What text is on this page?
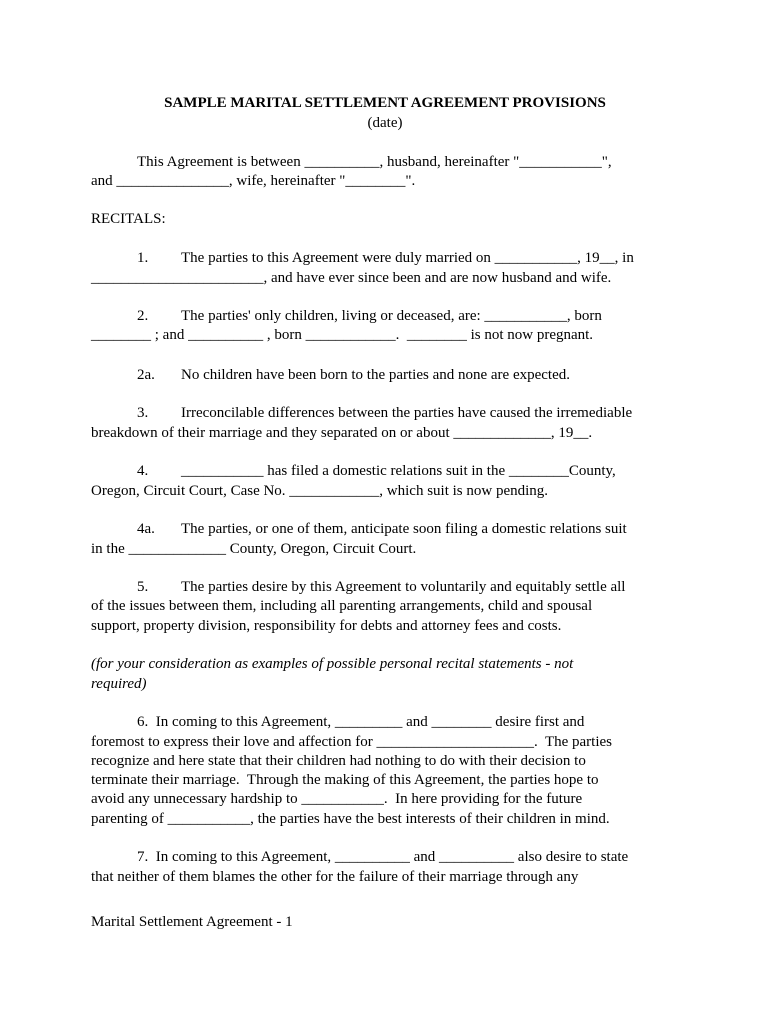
SAMPLE MARITAL SETTLEMENT AGREEMENT PROVISIONS
(date)
This Agreement is between __________, husband, hereinafter "___________",
and _______________, wife, hereinafter "________".
RECITALS:
1. The parties to this Agreement were duly married on ___________, 19__, in
_______________________, and have ever since been and are now husband and wife.
2. The parties' only children, living or deceased, are: ___________, born
________ ; and __________ , born ____________.  ________ is not now pregnant.
2a. No children have been born to the parties and none are expected.
3. Irreconcilable differences between the parties have caused the irremediable
breakdown of their marriage and they separated on or about _____________, 19__.
4. ___________ has filed a domestic relations suit in the ________County,
Oregon, Circuit Court, Case No. ____________, which suit is now pending.
4a. The parties, or one of them, anticipate soon filing a domestic relations suit
in the _____________ County, Oregon, Circuit Court.
5. The parties desire by this Agreement to voluntarily and equitably settle all
of the issues between them, including all parenting arrangements, child and spousal
support, property division, responsibility for debts and attorney fees and costs.
(for your consideration as examples of possible personal recital statements - not
required)
6.  In coming to this Agreement, _________ and ________ desire first and
foremost to express their love and affection for _____________________.  The parties
recognize and here state that their children had nothing to do with their decision to
terminate their marriage.  Through the making of this Agreement, the parties hope to
avoid any unnecessary hardship to ___________.  In here providing for the future
parenting of ___________, the parties have the best interests of their children in mind.
7.  In coming to this Agreement, __________ and __________ also desire to state
that neither of them blames the other for the failure of their marriage through any
Marital Settlement Agreement - 1
